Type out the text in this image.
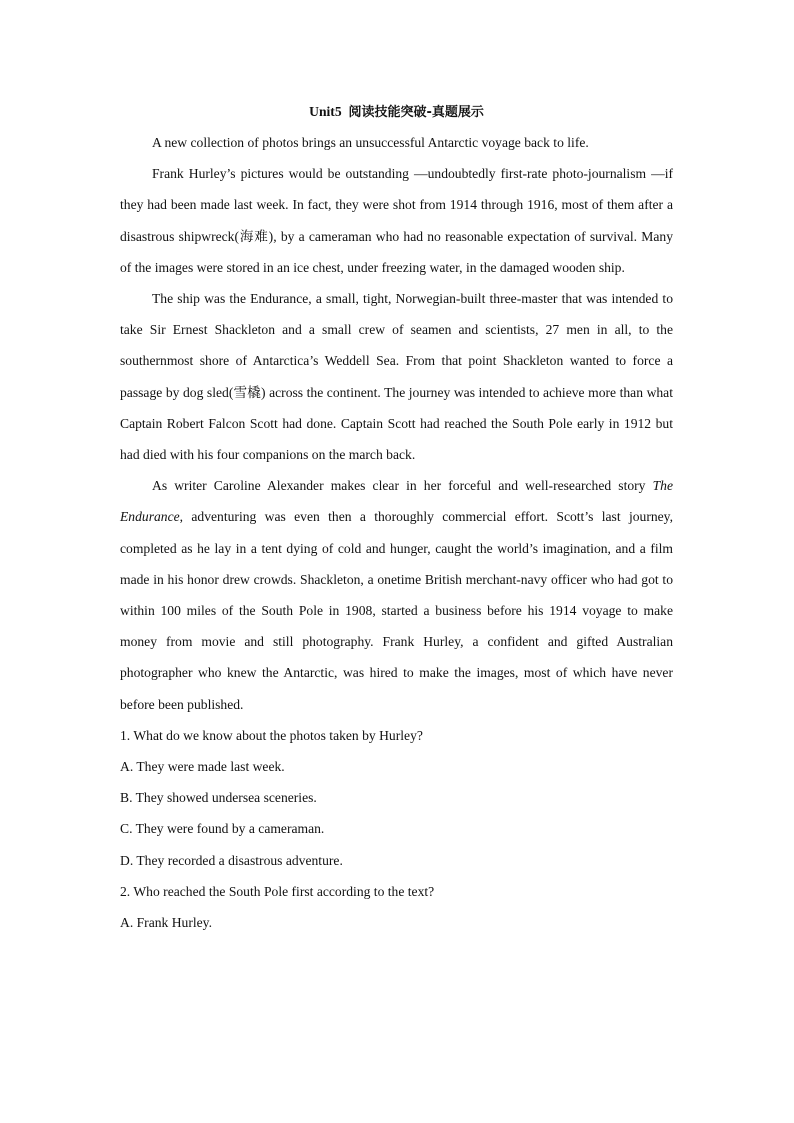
Unit5 阅读技能突破-真题展示

A new collection of photos brings an unsuccessful Antarctic voyage back to life.

Frank Hurley’s pictures would be outstanding —undoubtedly first-rate photo-journalism —if they had been made last week. In fact, they were shot from 1914 through 1916, most of them after a disastrous shipwreck(海难), by a cameraman who had no reasonable expectation of survival. Many of the images were stored in an ice chest, under freezing water, in the damaged wooden ship.

The ship was the Endurance, a small, tight, Norwegian-built three-master that was intended to take Sir Ernest Shackleton and a small crew of seamen and scientists, 27 men in all, to the southernmost shore of Antarctica’s Weddell Sea. From that point Shackleton wanted to force a passage by dog sled(雪橇) across the continent. The journey was intended to achieve more than what Captain Robert Falcon Scott had done. Captain Scott had reached the South Pole early in 1912 but had died with his four companions on the march back.

As writer Caroline Alexander makes clear in her forceful and well-researched story The Endurance, adventuring was even then a thoroughly commercial effort. Scott’s last journey, completed as he lay in a tent dying of cold and hunger, caught the world’s imagination, and a film made in his honor drew crowds. Shackleton, a onetime British merchant-navy officer who had got to within 100 miles of the South Pole in 1908, started a business before his 1914 voyage to make money from movie and still photography. Frank Hurley, a confident and gifted Australian photographer who knew the Antarctic, was hired to make the images, most of which have never before been published.

1. What do we know about the photos taken by Hurley?

A. They were made last week.

B. They showed undersea sceneries.

C. They were found by a cameraman.

D. They recorded a disastrous adventure.

2. Who reached the South Pole first according to the text?

A. Frank Hurley.
